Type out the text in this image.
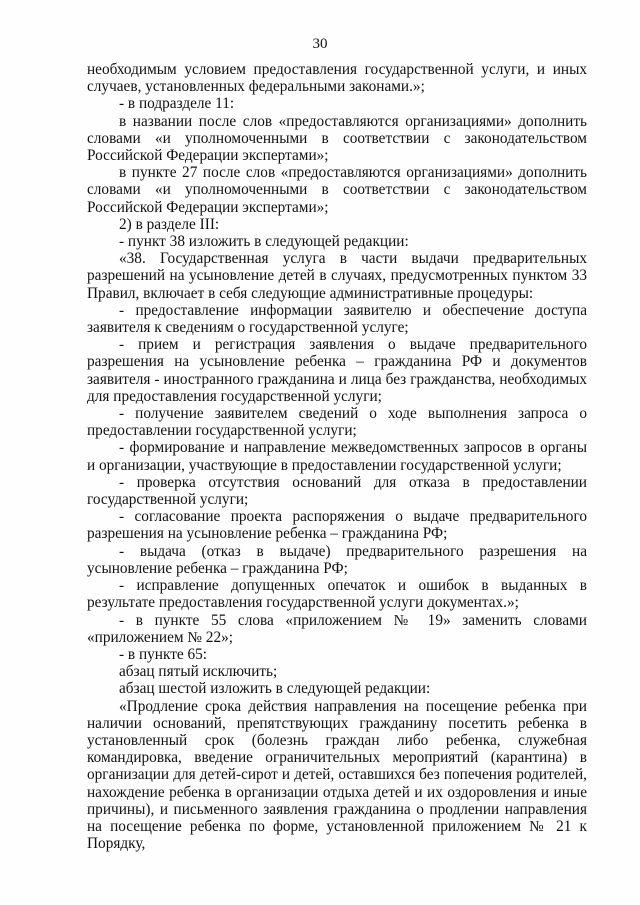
30

необходимым условием предоставления государственной услуги, и иных

случаев, установленных федеральными законами.»;

- в подразделе 11:

в названии после слов «предоставляются организациями» дополнить словами «и уполномоченными в соответствии с законодательством Российской Федерации экспертами»;

в пункте 27 после слов «предоставляются организациями» дополнить словами «и уполномоченными в соответствии с законодательством Российской Федерации экспертами»;

2) в разделе III:

- пункт 38 изложить в следующей редакции:

«38. Государственная услуга в части выдачи предварительных разрешений на усыновление детей в случаях, предусмотренных пунктом 33 Правил, включает в себя следующие административные процедуры:

- предоставление информации заявителю и обеспечение доступа заявителя к сведениям о государственной услуге;

- прием и регистрация заявления о выдаче предварительного разрешения на усыновление ребенка – гражданина РФ и документов заявителя - иностранного гражданина и лица без гражданства, необходимых для предоставления государственной услуги;

- получение заявителем сведений о ходе выполнения запроса о предоставлении государственной услуги;

- формирование и направление межведомственных запросов в органы и организации, участвующие в предоставлении государственной услуги;

- проверка отсутствия оснований для отказа в предоставлении государственной услуги;

- согласование проекта распоряжения о выдаче предварительного разрешения на усыновление ребенка – гражданина РФ;

- выдача (отказ в выдаче) предварительного разрешения на усыновление ребенка – гражданина РФ;

- исправление допущенных опечаток и ошибок в выданных в результате предоставления государственной услуги документах.»;

- в пункте 55 слова «приложением № 19» заменить словами «приложением № 22»;

- в пункте 65:

абзац пятый исключить;

абзац шестой изложить в следующей редакции:

«Продление срока действия направления на посещение ребенка при наличии оснований, препятствующих гражданину посетить ребенка в установленный срок (болезнь граждан либо ребенка, служебная командировка, введение ограничительных мероприятий (карантина) в организации для детей-сирот и детей, оставшихся без попечения родителей, нахождение ребенка в организации отдыха детей и их оздоровления и иные причины), и письменного заявления гражданина о продлении направления на посещение ребенка по форме, установленной приложением № 21 к Порядку,
